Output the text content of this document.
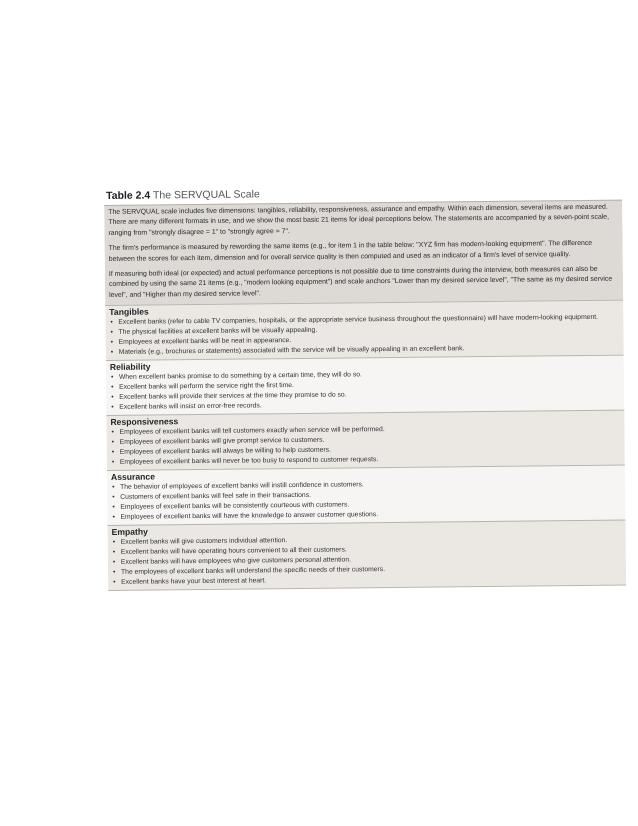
Table 2.4 The SERVQUAL Scale

The SERVQUAL scale includes five dimensions: tangibles, reliability, responsiveness, assurance and empathy. Within each dimension, several items are measured. There are many different formats in use, and we show the most basic 21 items for ideal perceptions below. The statements are accompanied by a seven-point scale, ranging from "strongly disagree = 1" to "strongly agree = 7".

The firm's performance is measured by rewording the same items (e.g., for item 1 in the table below: "XYZ firm has modern-looking equipment". The difference between the scores for each item, dimension and for overall service quality is then computed and used as an indicator of a firm's level of service quality.

If measuring both ideal (or expected) and actual performance perceptions is not possible due to time constraints during the interview, both measures can also be combined by using the same 21 items (e.g., "modern looking equipment") and scale anchors "Lower than my desired service level", "The same as my desired service level", and "Higher than my desired service level".

Tangibles
• Excellent banks (refer to cable TV companies, hospitals, or the appropriate service business throughout the questionnaire) will have modern-looking equipment.
• The physical facilities at excellent banks will be visually appealing.
• Employees at excellent banks will be neat in appearance.
• Materials (e.g., brochures or statements) associated with the service will be visually appealing in an excellent bank.
Reliability
• When excellent banks promise to do something by a certain time, they will do so.
• Excellent banks will perform the service right the first time.
• Excellent banks will provide their services at the time they promise to do so.
• Excellent banks will insist on error-free records.
Responsiveness
• Employees of excellent banks will tell customers exactly when service will be performed.
• Employees of excellent banks will give prompt service to customers.
• Employees of excellent banks will always be willing to help customers.
• Employees of excellent banks will never be too busy to respond to customer requests.
Assurance
• The behavior of employees of excellent banks will instill confidence in customers.
• Customers of excellent banks will feel safe in their transactions.
• Employees of excellent banks will be consistently courteous with customers.
• Employees of excellent banks will have the knowledge to answer customer questions.
Empathy
• Excellent banks will give customers individual attention.
• Excellent banks will have operating hours convenient to all their customers.
• Excellent banks will have employees who give customers personal attention.
• The employees of excellent banks will understand the specific needs of their customers.
• Excellent banks have your best interest at heart.
